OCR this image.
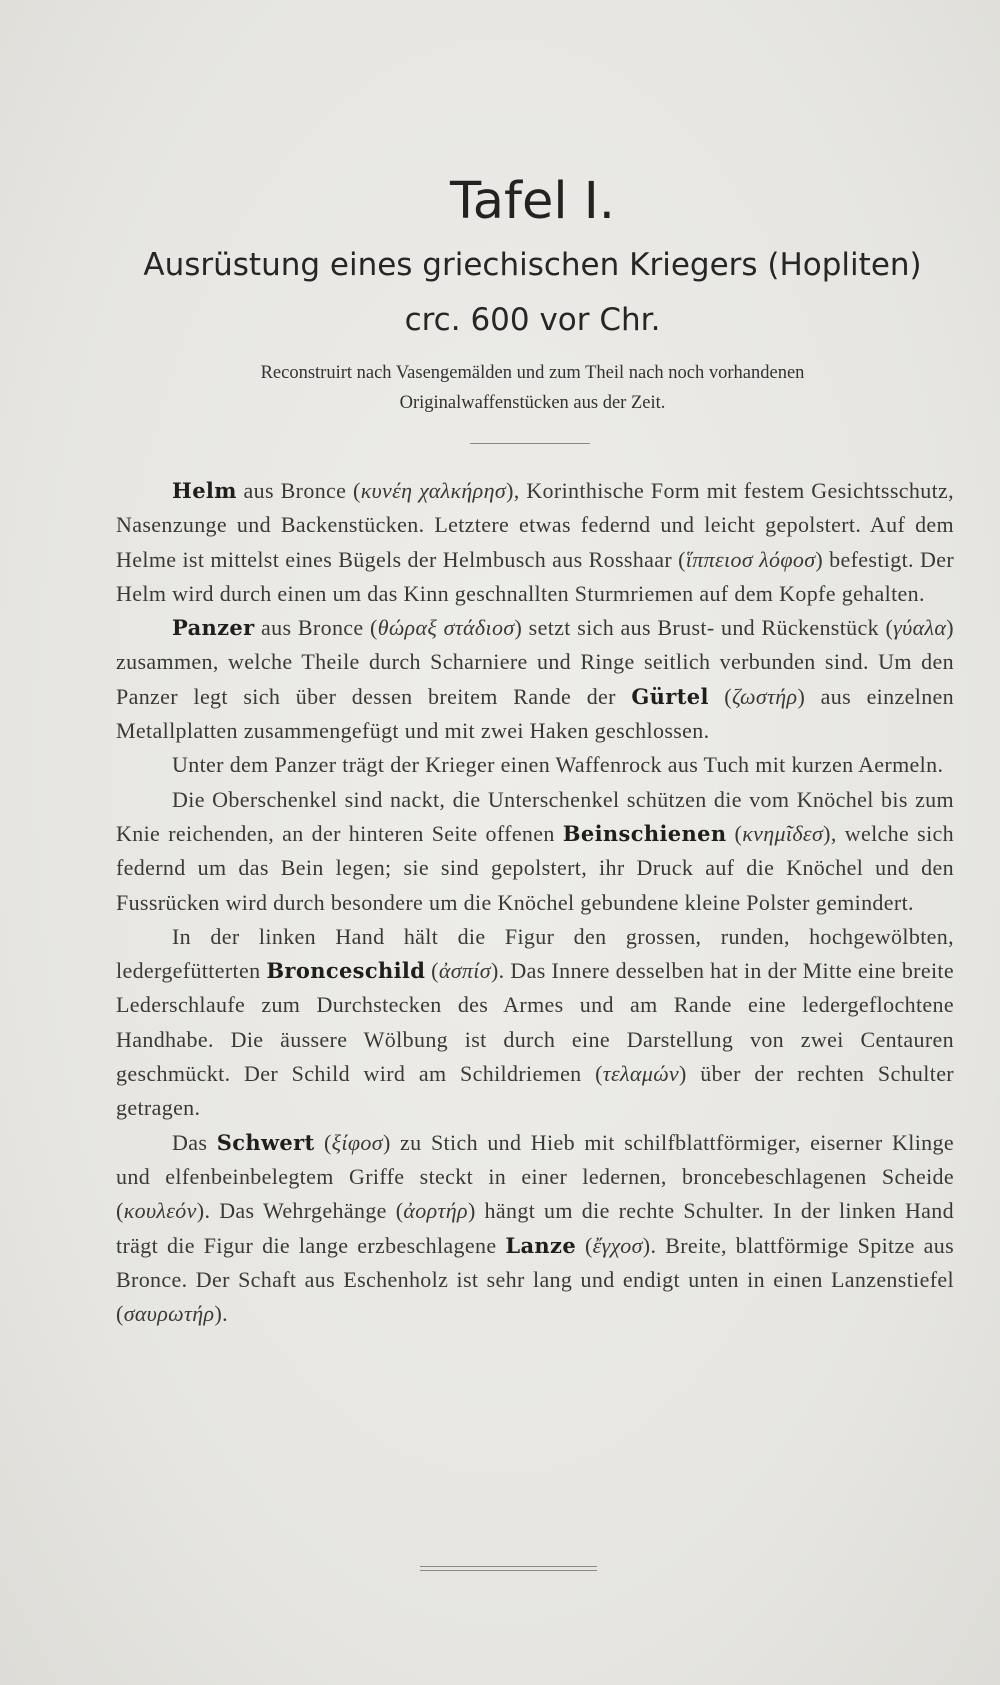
Tafel I.
Ausrüstung eines griechischen Kriegers (Hopliten)
crc. 600 vor Chr.
Reconstruirt nach Vasengemälden und zum Theil nach noch vorhandenen
Originalwaffenstücken aus der Zeit.

Helm aus Bronce (κυνέη χαλκήρησ), Korinthische Form mit festem Gesichtsschutz, Nasenzunge und Backenstücken. Letztere etwas federnd und leicht gepolstert. Auf dem Helme ist mittelst eines Bügels der Helmbusch aus Rosshaar (ἵππειοσ λόφοσ) befestigt. Der Helm wird durch einen um das Kinn geschnallten Sturmriemen auf dem Kopfe gehalten.

Panzer aus Bronce (θώραξ στάδιοσ) setzt sich aus Brust- und Rückenstück (γύαλα) zusammen, welche Theile durch Scharniere und Ringe seitlich verbunden sind. Um den Panzer legt sich über dessen breitem Rande der Gürtel (ζωστήρ) aus einzelnen Metallplatten zusammengefügt und mit zwei Haken geschlossen.

Unter dem Panzer trägt der Krieger einen Waffenrock aus Tuch mit kurzen Aermeln.

Die Oberschenkel sind nackt, die Unterschenkel schützen die vom Knöchel bis zum Knie reichenden, an der hinteren Seite offenen Beinschienen (κνημῖδεσ), welche sich federnd um das Bein legen; sie sind gepolstert, ihr Druck auf die Knöchel und den Fussrücken wird durch besondere um die Knöchel gebundene kleine Polster gemindert.

In der linken Hand hält die Figur den grossen, runden, hochgewölbten, ledergefütterten Bronceschild (ἀσπίσ). Das Innere desselben hat in der Mitte eine breite Lederschlaufe zum Durchstecken des Armes und am Rande eine ledergeflochtene Handhabe. Die äussere Wölbung ist durch eine Darstellung von zwei Centauren geschmückt. Der Schild wird am Schildriemen (τελαμών) über der rechten Schulter getragen.

Das Schwert (ξίφοσ) zu Stich und Hieb mit schilfblattförmiger, eiserner Klinge und elfenbeinbelegtem Griffe steckt in einer ledernen, broncebeschlagenen Scheide (κουλεόν). Das Wehrgehänge (ἀορτήρ) hängt um die rechte Schulter. In der linken Hand trägt die Figur die lange erzbeschlagene Lanze (ἔγχοσ). Breite, blattförmige Spitze aus Bronce. Der Schaft aus Eschenholz ist sehr lang und endigt unten in einen Lanzenstiefel (σαυρωτήρ).
